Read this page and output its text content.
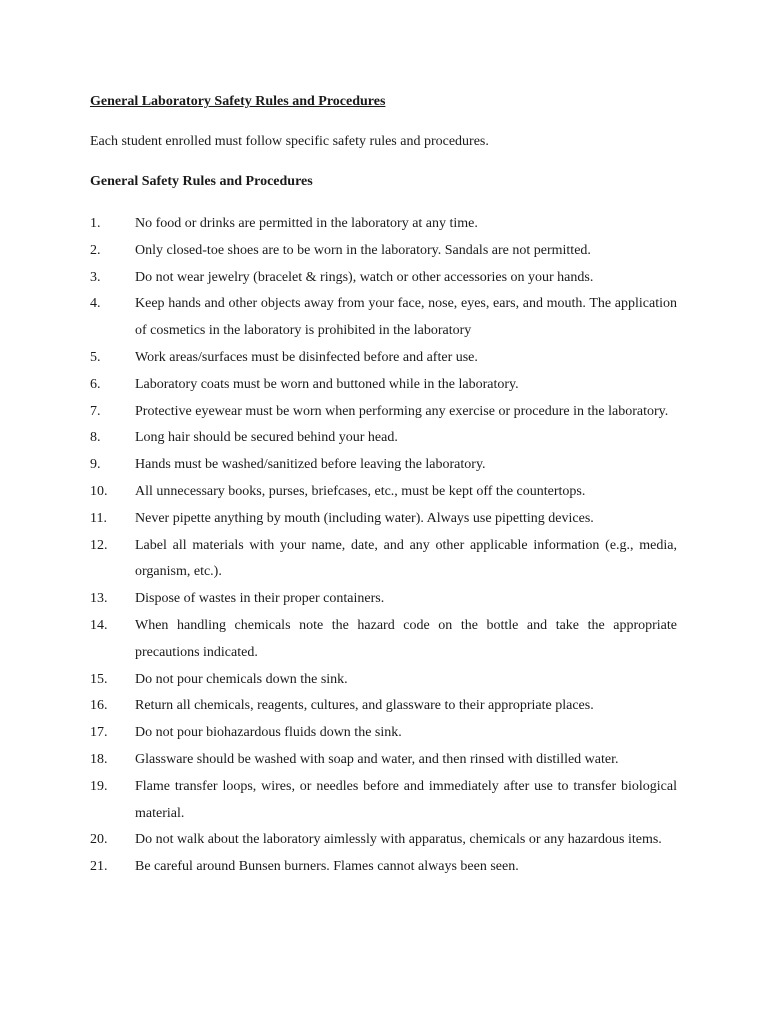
General Laboratory Safety Rules and Procedures

Each student enrolled must follow specific safety rules and procedures.

General Safety Rules and Procedures
1.	No food or drinks are permitted in the laboratory at any time.
2.	Only closed-toe shoes are to be worn in the laboratory. Sandals are not permitted.
3.	Do not wear jewelry (bracelet & rings), watch or other accessories on your hands.
4.	Keep hands and other objects away from your face, nose, eyes, ears, and mouth. The application of cosmetics in the laboratory is prohibited in the laboratory
5.	Work areas/surfaces must be disinfected before and after use.
6.	Laboratory coats must be worn and buttoned while in the laboratory.
7.	Protective eyewear must be worn when performing any exercise or procedure in the laboratory.
8.	Long hair should be secured behind your head.
9.	Hands must be washed/sanitized before leaving the laboratory.
10.	All unnecessary books, purses, briefcases, etc., must be kept off the countertops.
11.	Never pipette anything by mouth (including water). Always use pipetting devices.
12.	Label all materials with your name, date, and any other applicable information (e.g., media, organism, etc.).
13.	Dispose of wastes in their proper containers.
14.	When handling chemicals note the hazard code on the bottle and take the appropriate precautions indicated.
15.	Do not pour chemicals down the sink.
16.	Return all chemicals, reagents, cultures, and glassware to their appropriate places.
17.	Do not pour biohazardous fluids down the sink.
18.	Glassware should be washed with soap and water, and then rinsed with distilled water.
19.	Flame transfer loops, wires, or needles before and immediately after use to transfer biological material.
20.	Do not walk about the laboratory aimlessly with apparatus, chemicals or any hazardous items.
21.	Be careful around Bunsen burners. Flames cannot always been seen.
